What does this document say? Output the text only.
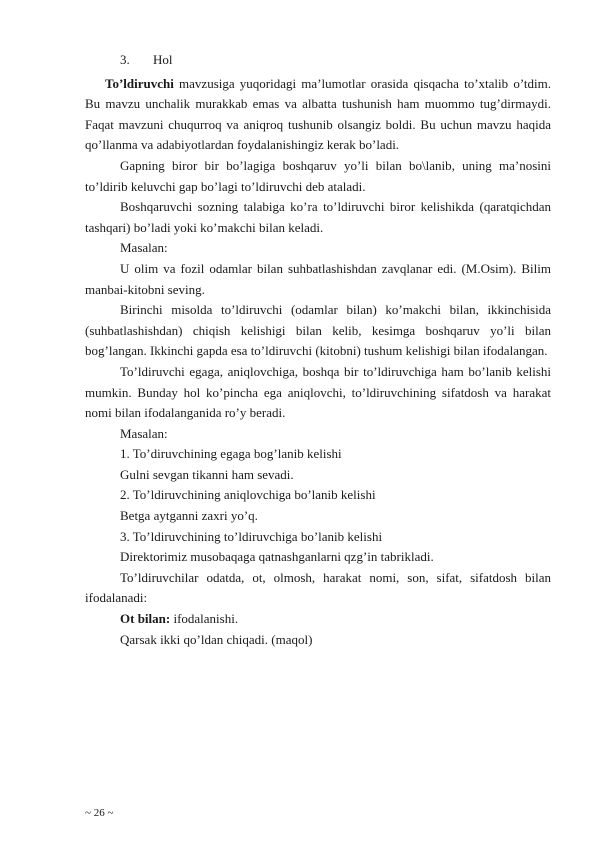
3. Hol

To’ldiruvchi mavzusiga yuqoridagi ma’lumotlar orasida qisqacha to’xtalib o’tdim. Bu mavzu unchalik murakkab emas va albatta tushunish ham muommo tug’dirmaydi. Faqat mavzuni chuqurroq va aniqroq tushunib olsangiz boldi. Bu uchun mavzu haqida qo’llanma va adabiyotlardan foydalanishingiz kerak bo’ladi.

Gapning biror bir bo’lagiga boshqaruv yo’li bilan bo\lanib, uning ma’nosini to’ldirib keluvchi gap bo’lagi to’ldiruvchi deb ataladi.

Boshqaruvchi sozning talabiga ko’ra to’ldiruvchi biror kelishikda (qaratqichdan tashqari) bo’ladi yoki ko’makchi bilan keladi.

Masalan:

U olim va fozil odamlar bilan suhbatlashishdan zavqlanar edi. (M.Osim). Bilim manbai-kitobni seving.

Birinchi misolda to’ldiruvchi (odamlar bilan) ko’makchi bilan, ikkinchisida (suhbatlashishdan) chiqish kelishigi bilan kelib, kesimga boshqaruv yo’li bilan bog’langan. Ikkinchi gapda esa to’ldiruvchi (kitobni) tushum kelishigi bilan ifodalangan.

To’ldiruvchi egaga, aniqlovchiga, boshqa bir to’ldiruvchiga ham bo’lanib kelishi mumkin. Bunday hol ko’pincha ega aniqlovchi, to’ldiruvchining sifatdosh va harakat nomi bilan ifodalanganida ro’y beradi.

Masalan:

1. To’diruvchining egaga bog’lanib kelishi

Gulni sevgan tikanni ham sevadi.

2. To’ldiruvchining aniqlovchiga bo’lanib kelishi

Betga aytganni zaxri yo’q.

3. To’ldiruvchining to’ldiruvchiga bo’lanib kelishi

Direktorimiz musobaqaga qatnashganlarni qzg’in tabrikladi.

To’ldiruvchilar odatda, ot, olmosh, harakat nomi, son, sifat, sifatdosh bilan ifodalanadi:

Ot bilan: ifodalanishi.

Qarsak ikki qo’ldan chiqadi. (maqol)

~ 26 ~
